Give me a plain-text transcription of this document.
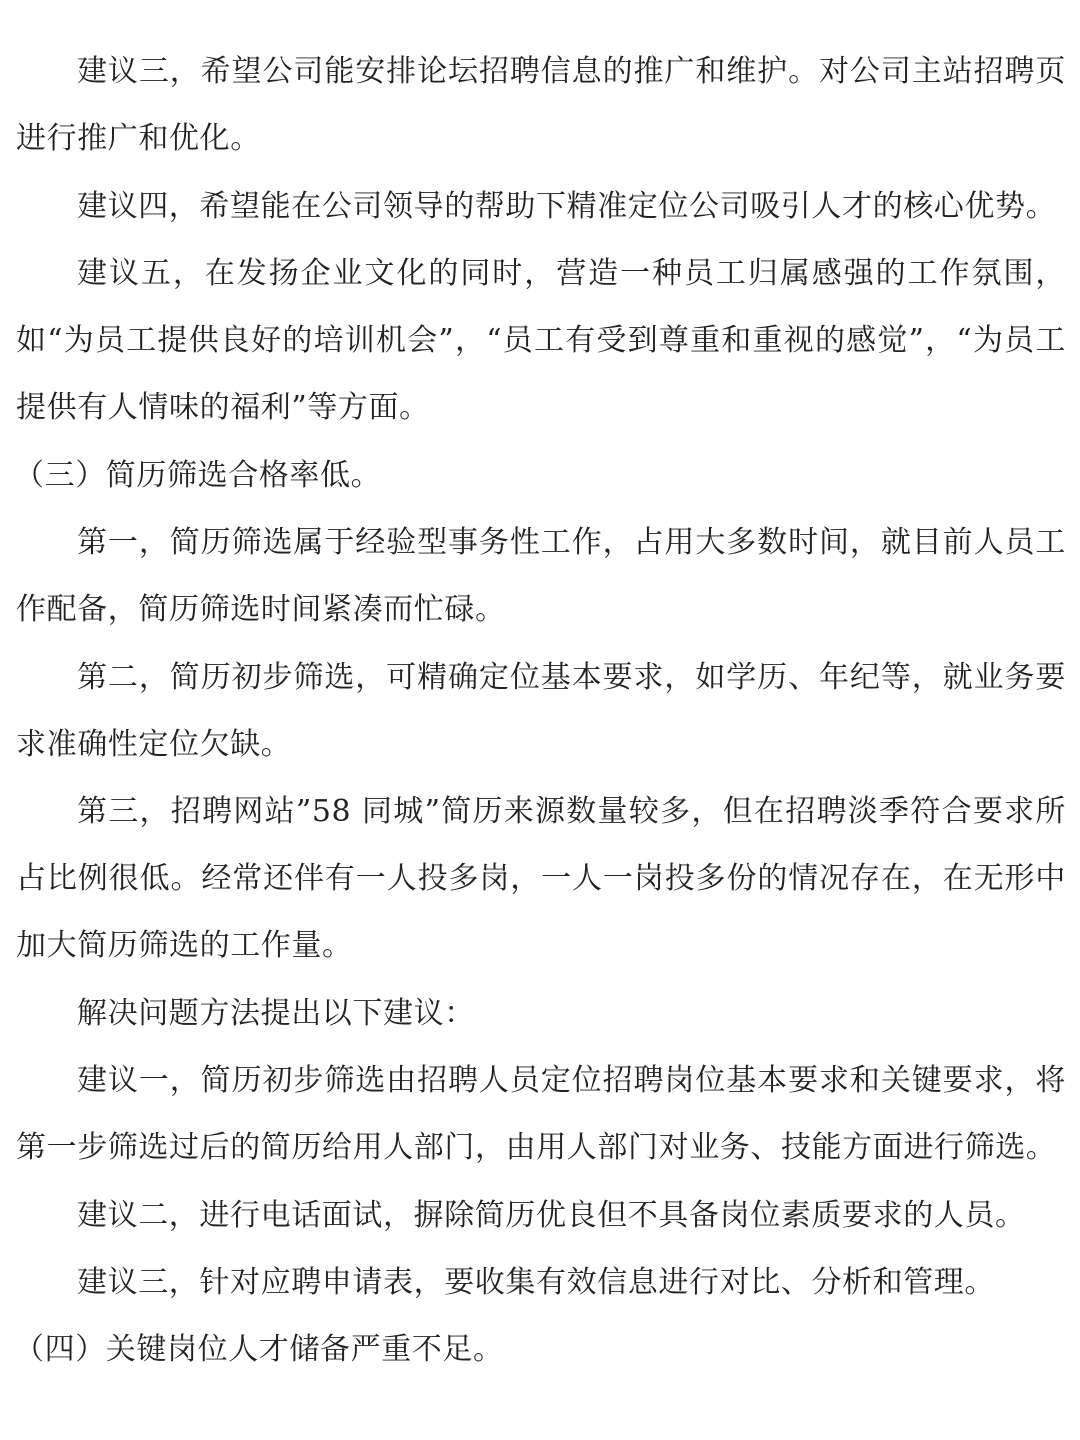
建议三，希望公司能安排论坛招聘信息的推广和维护。对公司主站招聘页进行推广和优化。

建议四，希望能在公司领导的帮助下精准定位公司吸引人才的核心优势。

建议五，在发扬企业文化的同时，营造一种员工归属感强的工作氛围，如“为员工提供良好的培训机会”，“员工有受到尊重和重视的感觉”，“为员工提供有人情味的福利”等方面。

（三）简历筛选合格率低。

第一，简历筛选属于经验型事务性工作，占用大多数时间，就目前人员工作配备，简历筛选时间紧凑而忙碌。

第二，简历初步筛选，可精确定位基本要求，如学历、年纪等，就业务要求准确性定位欠缺。

第三，招聘网站”58 同城”简历来源数量较多，但在招聘淡季符合要求所占比例很低。经常还伴有一人投多岗，一人一岗投多份的情况存在，在无形中加大简历筛选的工作量。

解决问题方法提出以下建议：

建议一，简历初步筛选由招聘人员定位招聘岗位基本要求和关键要求，将第一步筛选过后的简历给用人部门，由用人部门对业务、技能方面进行筛选。

建议二，进行电话面试，摒除简历优良但不具备岗位素质要求的人员。

建议三，针对应聘申请表，要收集有效信息进行对比、分析和管理。

（四）关键岗位人才储备严重不足。
